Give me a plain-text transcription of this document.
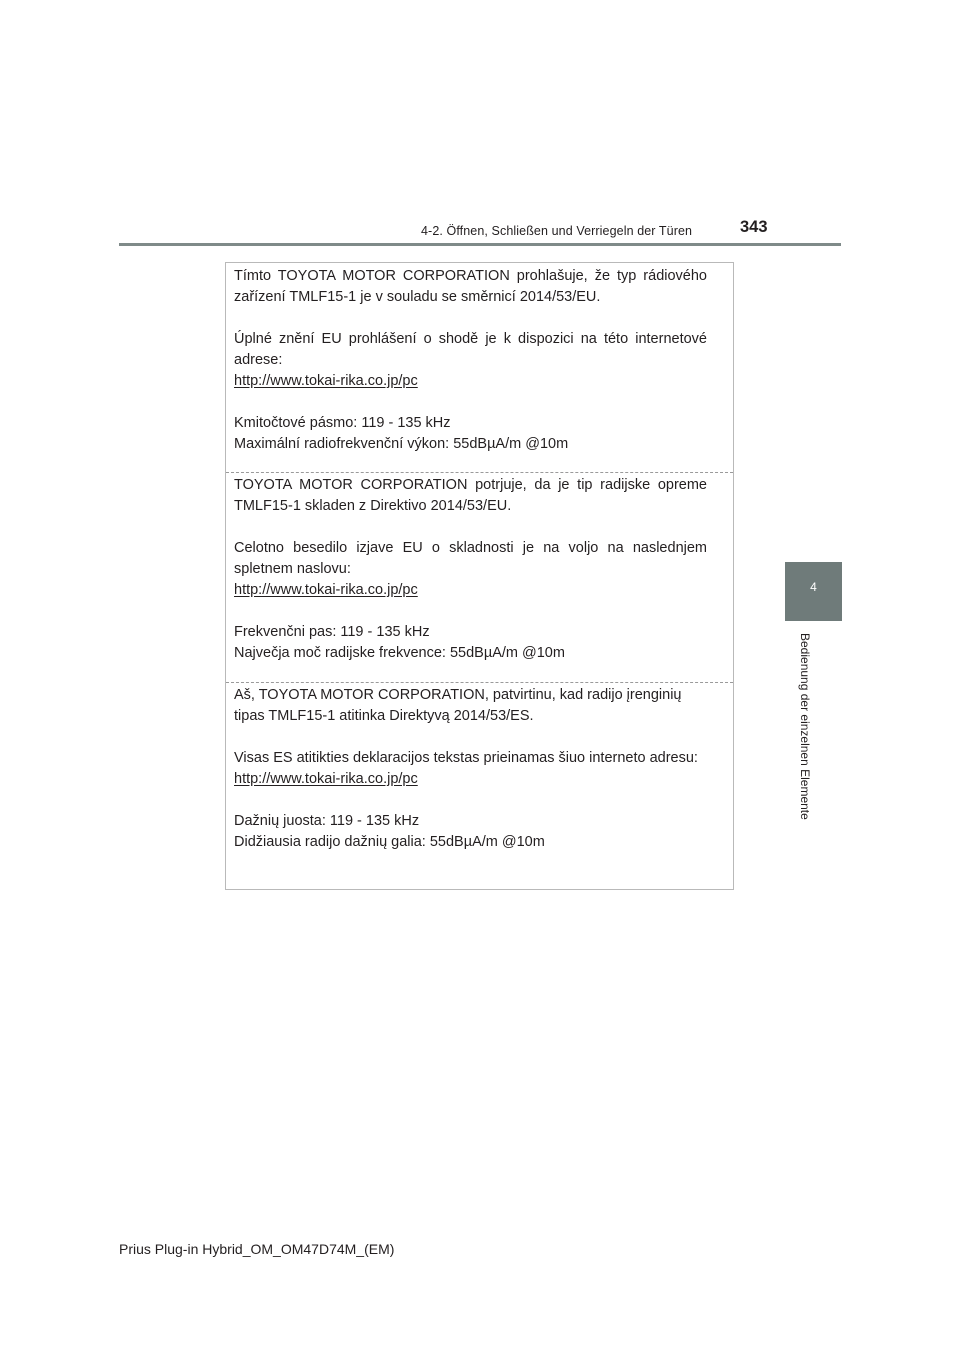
4-2. Öffnen, Schließen und Verriegeln der Türen	343
4
Bedienung der einzelnen Elemente

Tímto TOYOTA MOTOR CORPORATION prohlašuje, že typ rádiového zařízení TMLF15-1 je v souladu se směrnicí 2014/53/EU.

Úplné znění EU prohlášení o shodě je k dispozici na této internetové adrese:

http://www.tokai-rika.co.jp/pc

Kmitočtové pásmo: 119 - 135 kHz

Maximální radiofrekvenční výkon: 55dBµA/m @10m

TOYOTA MOTOR CORPORATION potrjuje, da je tip radijske opreme TMLF15-1 skladen z Direktivo 2014/53/EU.

Celotno besedilo izjave EU o skladnosti je na voljo na naslednjem spletnem naslovu:

http://www.tokai-rika.co.jp/pc

Frekvenčni pas: 119 - 135 kHz

Največja moč radijske frekvence: 55dBµA/m @10m

Aš, TOYOTA MOTOR CORPORATION, patvirtinu, kad radijo įrenginių tipas TMLF15-1 atitinka Direktyvą 2014/53/ES.

Visas ES atitikties deklaracijos tekstas prieinamas šiuo interneto adresu:

http://www.tokai-rika.co.jp/pc

Dažnių juosta: 119 - 135 kHz

Didžiausia radijo dažnių galia: 55dBµA/m @10m

Prius Plug-in Hybrid_OM_OM47D74M_(EM)
